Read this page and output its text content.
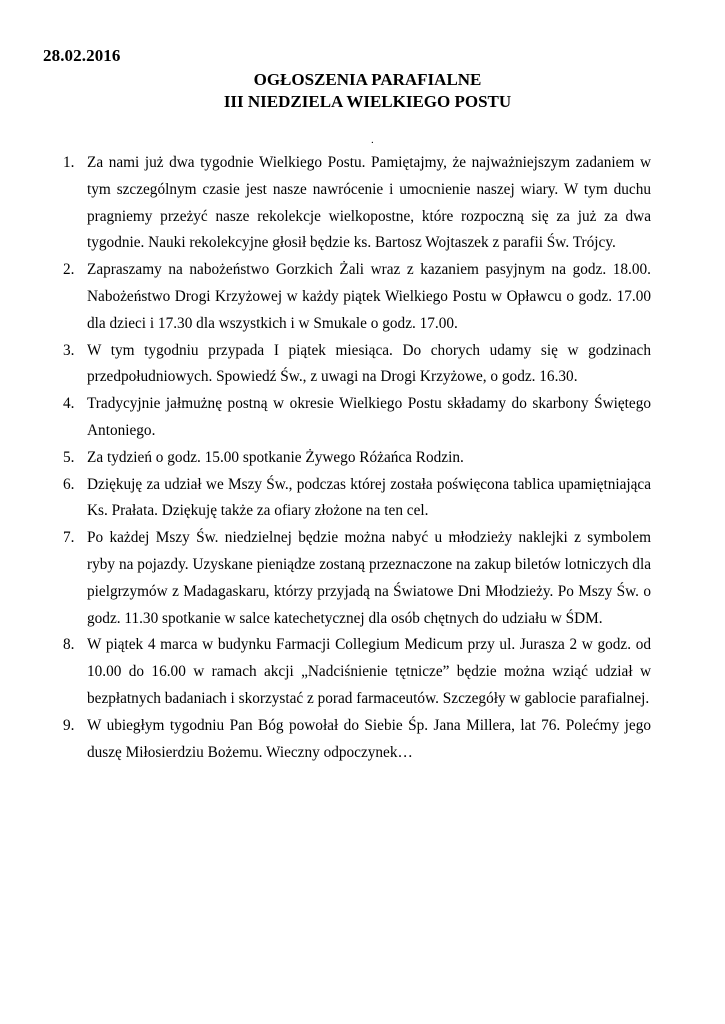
28.02.2016
OGŁOSZENIA PARAFIALNE
III NIEDZIELA WIELKIEGO POSTU
.
1. Za nami już dwa tygodnie Wielkiego Postu. Pamiętajmy, że najważniejszym zadaniem w tym szczególnym czasie jest nasze nawrócenie i umocnienie naszej wiary. W tym duchu pragniemy przeżyć nasze rekolekcje wielkopostne, które rozpoczną się za już za dwa tygodnie. Nauki rekolekcyjne głosił będzie ks. Bartosz Wojtaszek z parafii Św. Trójcy.
2. Zapraszamy na nabożeństwo Gorzkich Żali wraz z kazaniem pasyjnym na godz. 18.00. Nabożeństwo Drogi Krzyżowej w każdy piątek Wielkiego Postu w Opławcu o godz. 17.00 dla dzieci i 17.30 dla wszystkich i w Smukale o godz. 17.00.
3. W tym tygodniu przypada I piątek miesiąca. Do chorych udamy się w godzinach przedpołudniowych. Spowiedź Św., z uwagi na Drogi Krzyżowe, o godz. 16.30.
4. Tradycyjnie jałmużnę postną w okresie Wielkiego Postu składamy do skarbony Świętego Antoniego.
5. Za tydzień o godz. 15.00 spotkanie Żywego Różańca Rodzin.
6. Dziękuję za udział we Mszy Św., podczas której została poświęcona tablica upamiętniająca Ks. Prałata. Dziękuję także za ofiary złożone na ten cel.
7. Po każdej Mszy Św. niedzielnej będzie można nabyć u młodzieży naklejki z symbolem ryby na pojazdy. Uzyskane pieniądze zostaną przeznaczone na zakup biletów lotniczych dla pielgrzymów z Madagaskaru, którzy przyjadą na Światowe Dni Młodzieży. Po Mszy Św. o godz. 11.30 spotkanie w salce katechetycznej dla osób chętnych do udziału w ŚDM.
8. W piątek 4 marca w budynku Farmacji Collegium Medicum przy ul. Jurasza 2 w godz. od 10.00 do 16.00 w ramach akcji „Nadciśnienie tętnicze” będzie można wziąć udział w bezpłatnych badaniach i skorzystać z porad farmaceutów. Szczegóły w gablocie parafialnej.
9. W ubiegłym tygodniu Pan Bóg powołał do Siebie Śp. Jana Millera, lat 76. Polećmy jego duszę Miłosierdziu Bożemu. Wieczny odpoczynek…
